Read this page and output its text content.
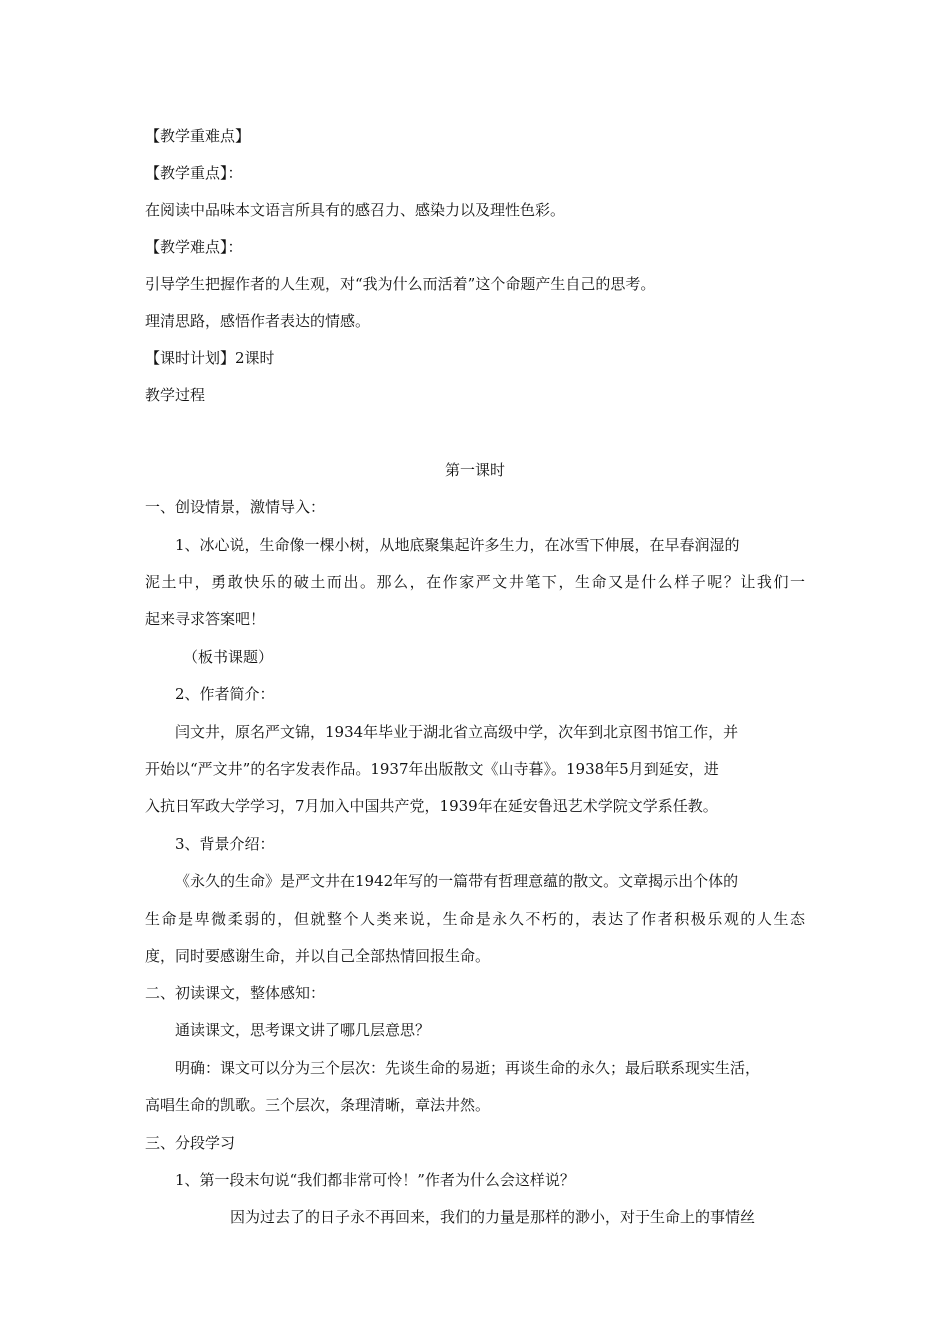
【教学重难点】
【教学重点】：
在阅读中品味本文语言所具有的感召力、感染力以及理性色彩。
【教学难点】：
引导学生把握作者的人生观，对“我为什么而活着”这个命题产生自己的思考。
理清思路，感悟作者表达的情感。
【课时计划】2课时
教学过程
第一课时
一、创设情景，激情导入：
1、冰心说，生命像一棵小树，从地底聚集起许多生力，在冰雪下伸展，在早春润湿的
泥土中，勇敢快乐的破土而出。那么，在作家严文井笔下，生命又是什么样子呢？让我们一
起来寻求答案吧！
（板书课题）
2、作者简介：
闫文井，原名严文锦，1934年毕业于湖北省立高级中学，次年到北京图书馆工作，并
开始以“严文井”的名字发表作品。1937年出版散文《山寺暮》。1938年5月到延安，进
入抗日军政大学学习，7月加入中国共产党，1939年在延安鲁迅艺术学院文学系任教。
3、背景介绍：
《永久的生命》是严文井在1942年写的一篇带有哲理意蕴的散文。文章揭示出个体的
生命是卑微柔弱的，但就整个人类来说，生命是永久不朽的，表达了作者积极乐观的人生态
度，同时要感谢生命，并以自己全部热情回报生命。
二、初读课文，整体感知：
通读课文，思考课文讲了哪几层意思？
明确：课文可以分为三个层次：先谈生命的易逝；再谈生命的永久；最后联系现实生活，
高唱生命的凯歌。三个层次，条理清晰，章法井然。
三、分段学习
1、第一段末句说“我们都非常可怜！”作者为什么会这样说？
因为过去了的日子永不再回来，我们的力量是那样的渺小，对于生命上的事情丝
